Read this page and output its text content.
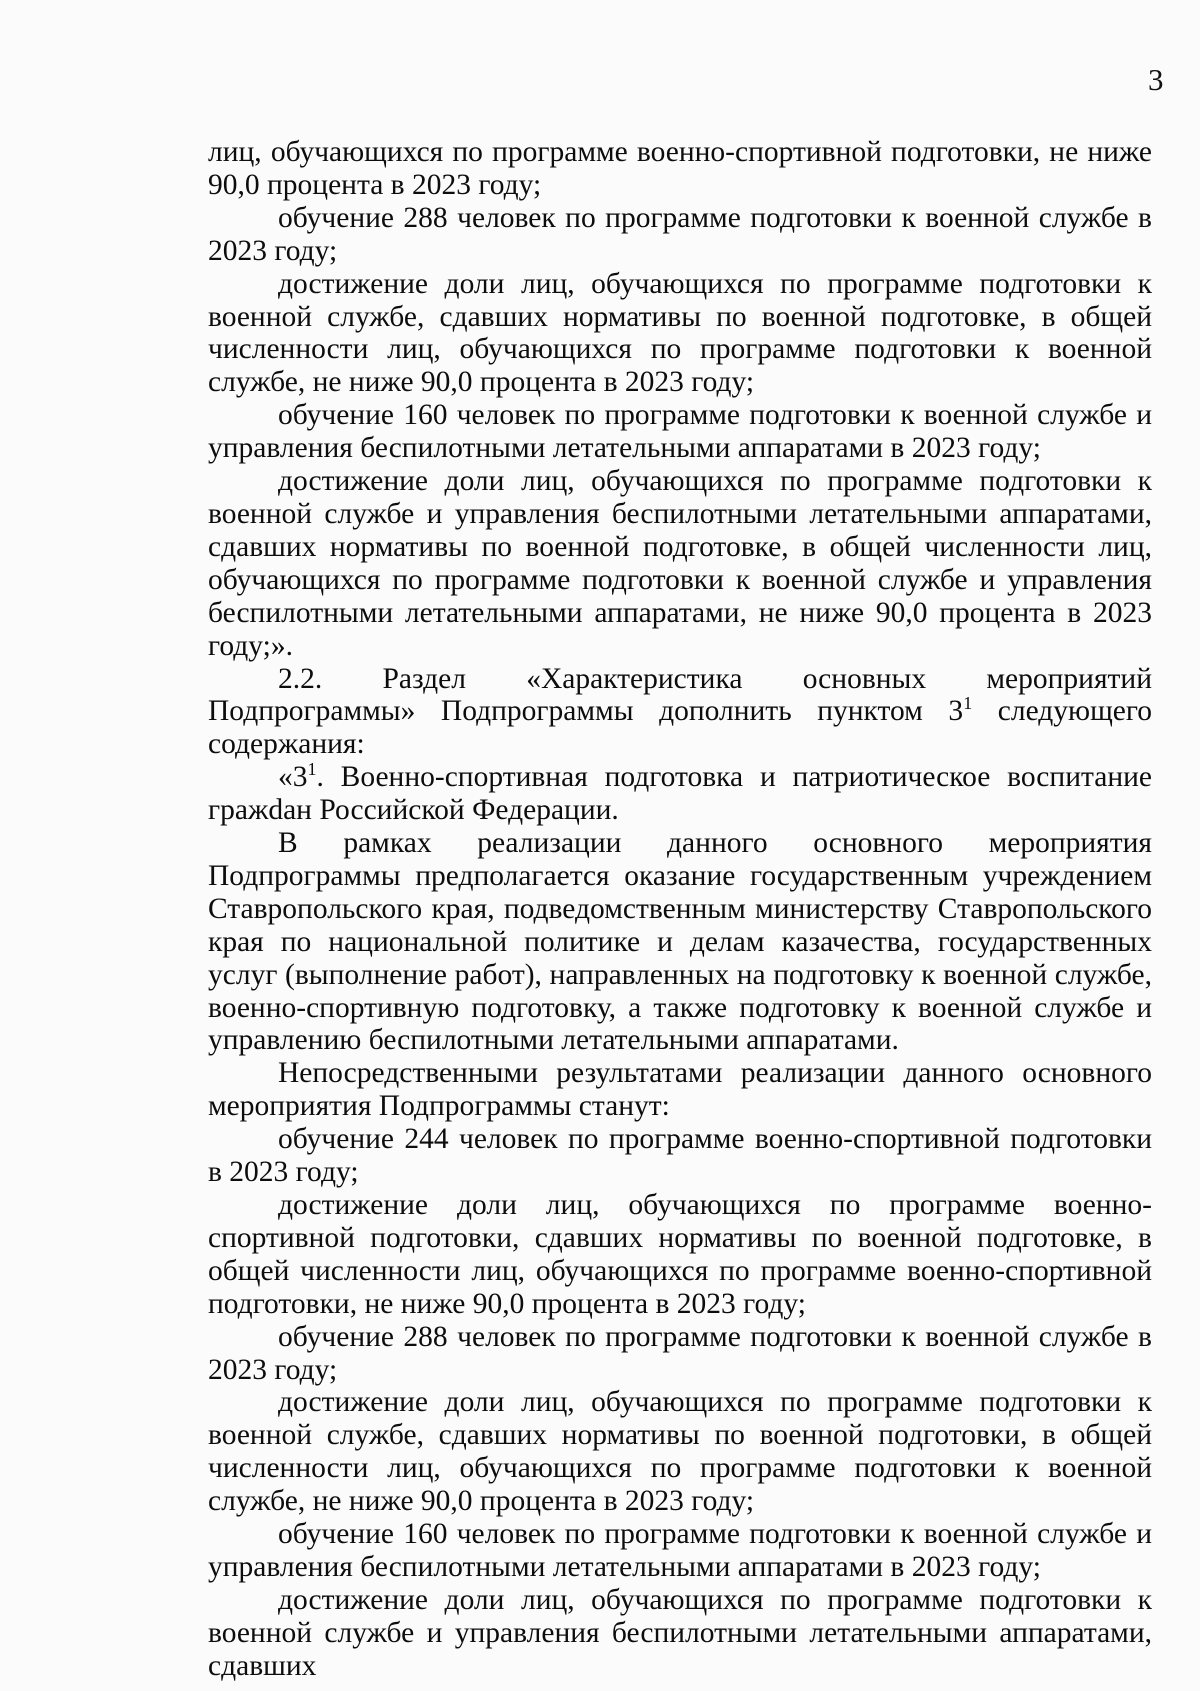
3

лиц, обучающихся по программе военно-спортивной подготовки, не ниже 90,0 процента в 2023 году;

обучение 288 человек по программе подготовки к военной службе в 2023 году;

достижение доли лиц, обучающихся по программе подготовки к военной службе, сдавших нормативы по военной подготовке, в общей численности лиц, обучающихся по программе подготовки к военной службе, не ниже 90,0 процента в 2023 году;

обучение 160 человек по программе подготовки к военной службе и управления беспилотными летательными аппаратами в 2023 году;

достижение доли лиц, обучающихся по программе подготовки к военной службе и управления беспилотными летательными аппаратами, сдавших нормативы по военной подготовке, в общей численности лиц, обучающихся по программе подготовки к военной службе и управления беспилотными летательными аппаратами, не ниже 90,0 процента в 2023 году;».

2.2. Раздел «Характеристика основных мероприятий Подпрограммы» Подпрограммы дополнить пунктом $3^1$ следующего содержания:

«$3^1$. Военно-спортивная подготовка и патриотическое воспитание гражdан Российской Федерации.

В рамках реализации данного основного мероприятия Подпрограммы предполагается оказание государственным учреждением Ставропольского края, подведомственным министерству Ставропольского края по национальной политике и делам казачества, государственных услуг (выполнение работ), направленных на подготовку к военной службе, военно-спортивную подготовку, а также подготовку к военной службе и управлению беспилотными летательными аппаратами.

Непосредственными результатами реализации данного основного мероприятия Подпрограммы станут:

обучение 244 человек по программе военно-спортивной подготовки в 2023 году;

достижение доли лиц, обучающихся по программе военно-спортивной подготовки, сдавших нормативы по военной подготовке, в общей численности лиц, обучающихся по программе военно-спортивной подготовки, не ниже 90,0 процента в 2023 году;

обучение 288 человек по программе подготовки к военной службе в 2023 году;

достижение доли лиц, обучающихся по программе подготовки к военной службе, сдавших нормативы по военной подготовки, в общей численности лиц, обучающихся по программе подготовки к военной службе, не ниже 90,0 процента в 2023 году;

обучение 160 человек по программе подготовки к военной службе и управления беспилотными летательными аппаратами в 2023 году;

достижение доли лиц, обучающихся по программе подготовки к военной службе и управления беспилотными летательными аппаратами, сдавших
